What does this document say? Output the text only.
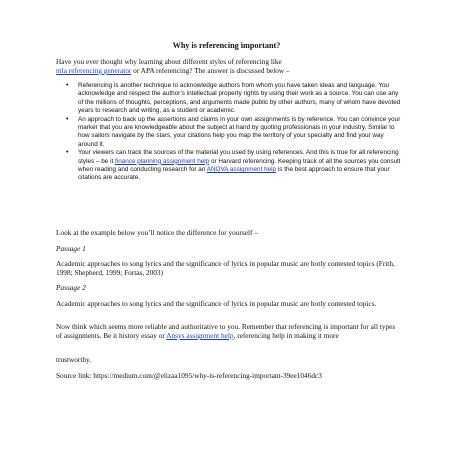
Why is referencing important?
Have you ever thought why learning about different styles of referencing like
mla referencing generator or APA referencing? The answer is discussed below –
• Referencing is another technique to acknowledge authors from whom you have taken ideas and language. You acknowledge and respect the author’s intellectual property rights by using their work as a source. You can use any of the millions of thoughts, perceptions, and arguments made public by other authors, many of whom have devoted years to research and writing, as a student or academic.
• An approach to back up the assertions and claims in your own assignments is by reference. You can convince your marker that you are knowledgeable about the subject at hand by quoting professionals in your industry. Similar to how sailors navigate by the stars, your citations help you map the territory of your specialty and find your way around it.
• Your viewers can track the sources of the material you used by using references. And this is true for all referencing styles – be it finance planning assignment help or Harvard referencing. Keeping track of all the sources you consult when reading and conducting research for an ANOVA assignment help is the best approach to ensure that your citations are accurate.
Look at the example below you’ll notice the difference for yourself –
Passage 1
Academic approaches to song lyrics and the significance of lyrics in popular music are hotly contested topics (Frith, 1998; Shepherd, 1999; Fortas, 2003)
Passage 2
Academic approaches to song lyrics and the significance of lyrics in popular music are hotly contested topics.
Now think which seems more reliable and authoritative to you. Remember that referencing is important for all types of assignments. Be it history essay or Ansys assignment help, referencing help in making it more
trustworthy.
Source link: https://medium.com/@elizaa1095/why-is-referencing-important-39ee1046dc3
